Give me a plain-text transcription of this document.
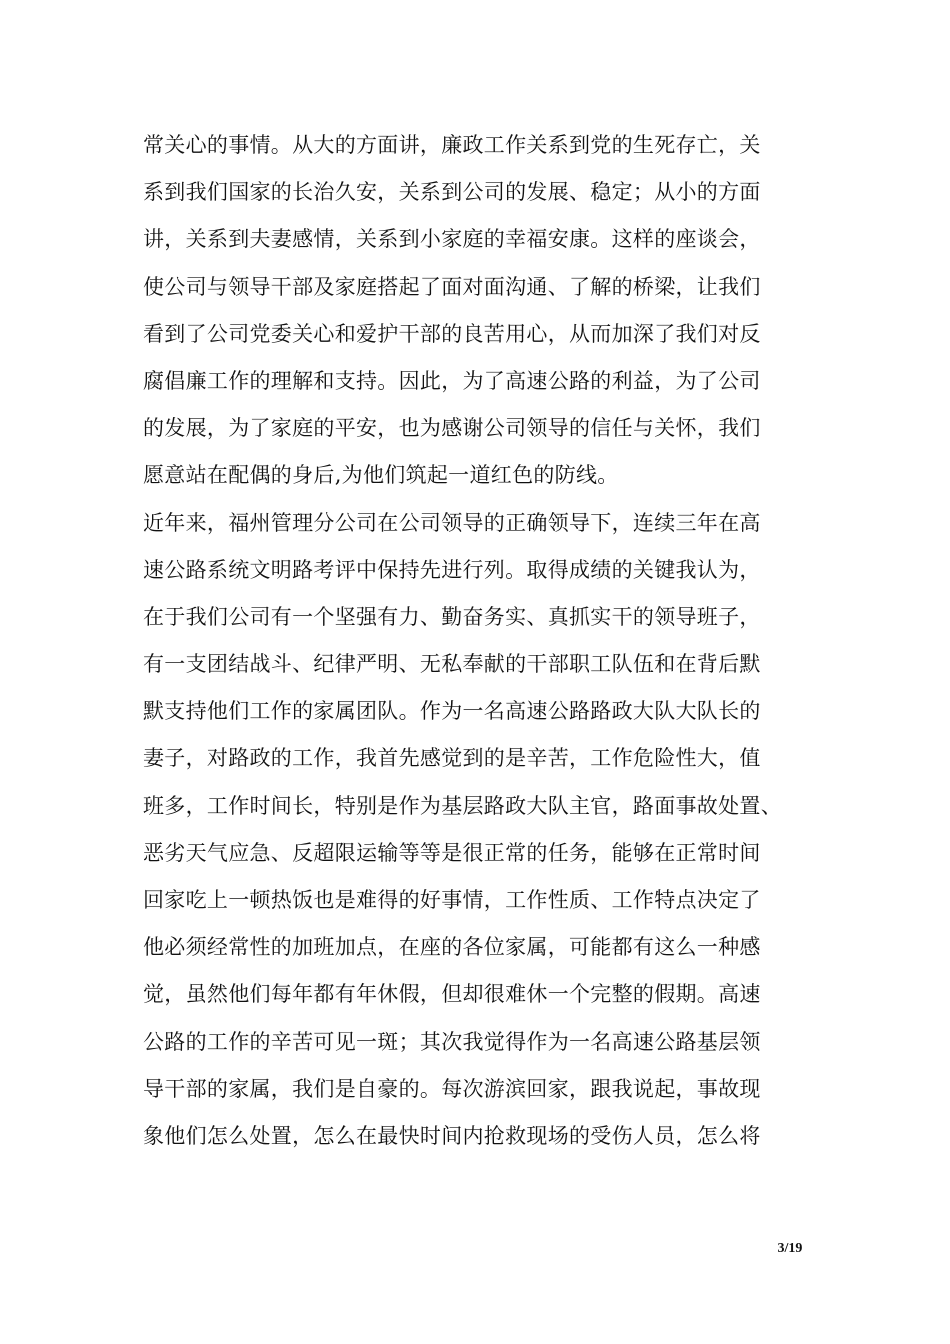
常关心的事情。从大的方面讲，廉政工作关系到党的生死存亡，关
系到我们国家的长治久安，关系到公司的发展、稳定；从小的方面
讲，关系到夫妻感情，关系到小家庭的幸福安康。这样的座谈会，
使公司与领导干部及家庭搭起了面对面沟通、了解的桥梁，让我们
看到了公司党委关心和爱护干部的良苦用心，从而加深了我们对反
腐倡廉工作的理解和支持。因此，为了高速公路的利益，为了公司
的发展，为了家庭的平安，也为感谢公司领导的信任与关怀，我们
愿意站在配偶的身后,为他们筑起一道红色的防线。
近年来，福州管理分公司在公司领导的正确领导下，连续三年在高
速公路系统文明路考评中保持先进行列。取得成绩的关键我认为，
在于我们公司有一个坚强有力、勤奋务实、真抓实干的领导班子，
有一支团结战斗、纪律严明、无私奉献的干部职工队伍和在背后默
默支持他们工作的家属团队。作为一名高速公路路政大队大队长的
妻子，对路政的工作，我首先感觉到的是辛苦，工作危险性大，值
班多，工作时间长，特别是作为基层路政大队主官，路面事故处置、
恶劣天气应急、反超限运输等等是很正常的任务，能够在正常时间
回家吃上一顿热饭也是难得的好事情，工作性质、工作特点决定了
他必须经常性的加班加点，在座的各位家属，可能都有这么一种感
觉，虽然他们每年都有年休假，但却很难休一个完整的假期。高速
公路的工作的辛苦可见一斑；其次我觉得作为一名高速公路基层领
导干部的家属，我们是自豪的。每次游滨回家，跟我说起，事故现
象他们怎么处置，怎么在最快时间内抢救现场的受伤人员，怎么将
3/19
